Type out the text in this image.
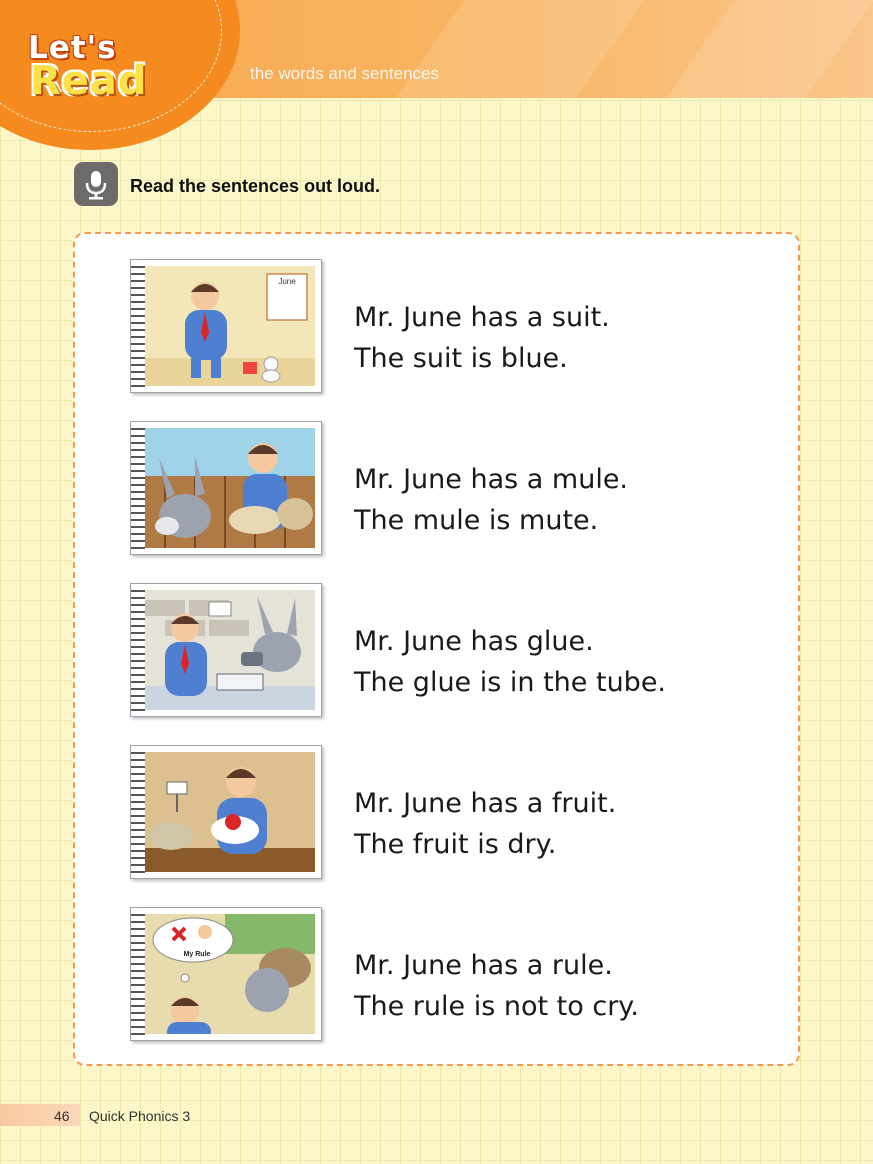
Let's
Read	the words and sentences
Read the sentences out loud.
June
Mr. June has a suit.
The suit is blue.
Mr. June has a mule.
The mule is mute.
Mr. June has glue.
The glue is in the tube.
Mr. June has a fruit.
The fruit is dry.
My Rule	Mr. June has a rule.
The rule is not to cry.
46 Quick Phonics 3
